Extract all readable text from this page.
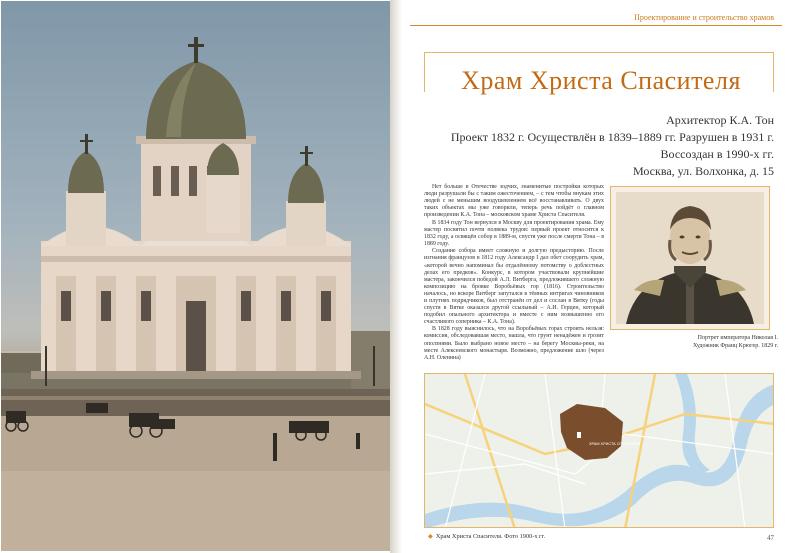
Проектирование и строительство храмов
Храм Христа Спасителя
Архитектор К.А. Тон
Проект 1832 г. Осуществлён в 1839–1889 гг. Разрушен в 1931 г.
Воссоздан в 1990-х гг.
Москва, ул. Волхонка, д. 15

Нет больше в Отечестве зодчих, знаменитые постройки которых люди разрушали бы с таким ожесточением, – с тем чтобы внукам этих людей с не меньшим воодушевлением всё восстанавливать. О двух таких объектах мы уже говорили, теперь речь пойдёт о главном произведении К.А. Тона – московском храме Христа Спасителя.

В 1834 году Тон вернулся в Москву для проектирования храма. Ему мастер посвятил почти полвека трудов: первый проект относится к 1832 году, а освящён собор в 1889-м, спустя уже после смерти Тона – в 1889 году.

Создание собора имеет сложную и долгую предысторию. После изгнания французов в 1812 году Александр I дал обет соорудить храм, «которой вечно напоминал бы отдалённому потомству о доблестных делах его предков». Конкурс, в котором участвовали крупнейшие мастера, закончился победой А.Л. Витберга, предложившего сложную композицию на бровке Воробьёвых гор (1816). Строительство началось, но вскоре Витберг запутался в тёмных интригах чиновников и плутнях подрядчиков, был отстранён от дел и сослан в Вятку (годы спустя в Вятке оказался другой ссыльный – А.И. Герцен, который подобил опального архитектора и вместе с ним возвышенно его счастливого соперника – К.А. Тона).

В 1828 году выяснилось, что на Воробьёвых горах строить нельзя: комиссия, обследовавшая место, нашла, что грунт ненадёжен и грозит оползнями. Было выбрано новое место – на берегу Москвы-реки, на месте Алексеевского монастыря. Возможно, предложение шло (через А.Н. Оленина)

Портрет императора Николая I.
Художник Франц Крюгер. 1829 г.
ХРАМ ХРИСТА СПАСИТЕЛЯ
◆ Храм Христа Спасителя. Фото 1900-х гг.	47
